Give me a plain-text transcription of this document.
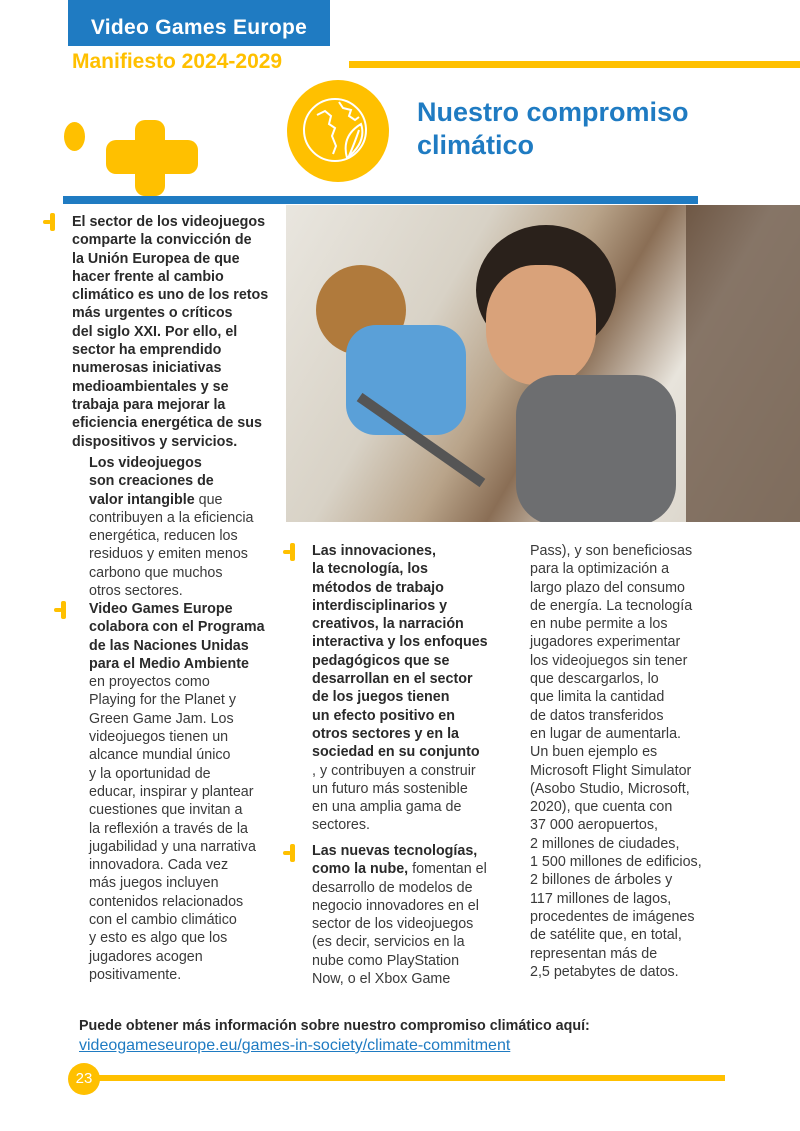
Video Games Europe
Manifiesto 2024-2029
Nuestro compromiso
climático
El sector de los videojuegos
comparte la convicción de
la Unión Europea de que
hacer frente al cambio
climático es uno de los retos
más urgentes o críticos
del siglo XXI. Por ello, el
sector ha emprendido
numerosas iniciativas
medioambientales y se
trabaja para mejorar la
eficiencia energética de sus
dispositivos y servicios.
Los videojuegos
son creaciones de
valor intangible que
contribuyen a la eficiencia
energética, reducen los
residuos y emiten menos
carbono que muchos
otros sectores.
Video Games Europe
colabora con el Programa
de las Naciones Unidas
para el Medio Ambiente
en proyectos como
Playing for the Planet y
Green Game Jam. Los
videojuegos tienen un
alcance mundial único
y la oportunidad de
educar, inspirar y plantear
cuestiones que invitan a
la reflexión a través de la
jugabilidad y una narrativa
innovadora. Cada vez
más juegos incluyen
contenidos relacionados
con el cambio climático
y esto es algo que los
jugadores acogen
positivamente.
Las innovaciones,
la tecnología, los
métodos de trabajo
interdisciplinarios y
creativos, la narración
interactiva y los enfoques
pedagógicos que se
desarrollan en el sector
de los juegos tienen
un efecto positivo en
otros sectores y en la
sociedad en su conjunto
, y contribuyen a construir
un futuro más sostenible
en una amplia gama de
sectores.
Las nuevas tecnologías,
como la nube, fomentan el
desarrollo de modelos de
negocio innovadores en el
sector de los videojuegos
(es decir, servicios en la
nube como PlayStation
Now, o el Xbox Game
Pass), y son beneficiosas
para la optimización a
largo plazo del consumo
de energía. La tecnología
en nube permite a los
jugadores experimentar
los videojuegos sin tener
que descargarlos, lo
que limita la cantidad
de datos transferidos
en lugar de aumentarla.
Un buen ejemplo es
Microsoft Flight Simulator
(Asobo Studio, Microsoft,
2020), que cuenta con
37 000 aeropuertos,
2 millones de ciudades,
1 500 millones de edificios,
2 billones de árboles y
117 millones de lagos,
procedentes de imágenes
de satélite que, en total,
representan más de
2,5 petabytes de datos.
Puede obtener más información sobre nuestro compromiso climático aquí:
videogameseurope.eu/games-in-society/climate-commitment
23
